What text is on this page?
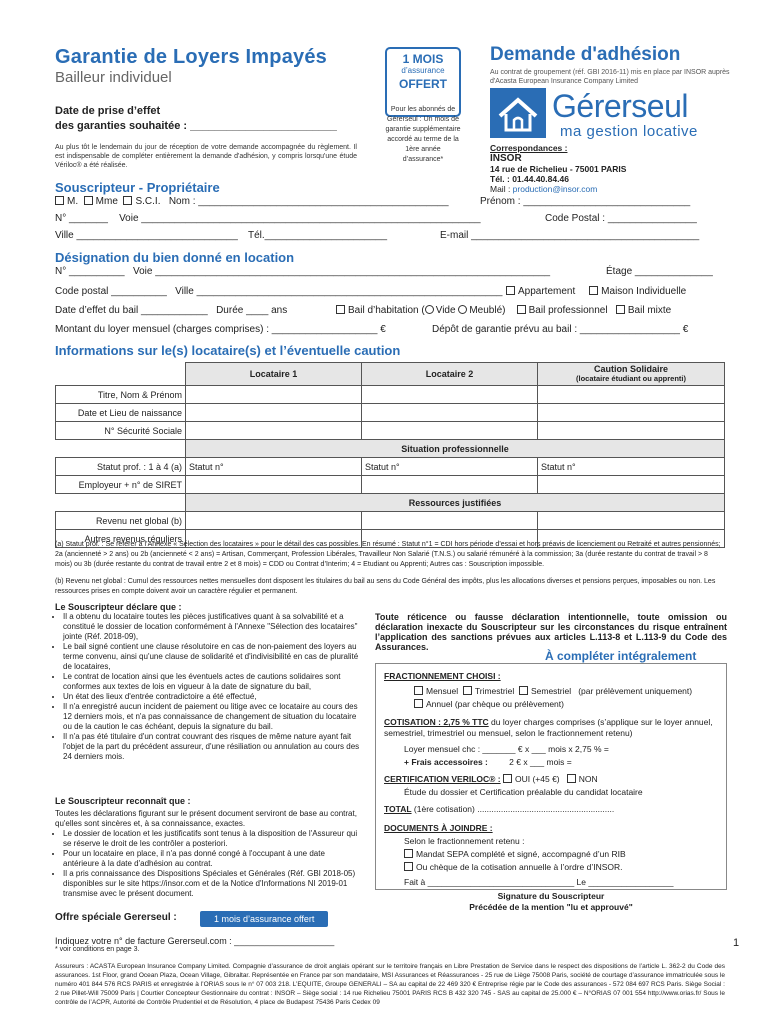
Garantie de Loyers Impayés
Bailleur individuel
Date de prise d’effet
des garanties souhaitée : ________________________
Au plus tôt le lendemain du jour de réception de votre demande accompagnée du règlement. Il est indispensable de compléter entièrement la demande d'adhésion, y compris lorsqu'une étude Vériloc® a été réalisée.
1 MOIS
d’assurance
OFFERT
Pour les abonnés de Gérerseul : Un mois de garantie supplémentaire accordé au terme de la 1ère année d’assurance*
Demande d'adhésion
Au contrat de groupement (réf. GBI 2016-11) mis en place par INSOR auprès d'Acasta European Insurance Company Limited
Gérerseul
ma gestion locative
Correspondances :
INSOR
14 rue de Richelieu - 75001 PARIS
Tél. : 01.44.40.84.46
Mail : production@insor.com
Souscripteur - Propriétaire
M. Mme S.C.I. Nom : _____________________________________________	Prénom : ______________________________
N° _______ Voie _____________________________________________________________	Code Postal : ________________
Ville _____________________________ Tél.______________________	E-mail _________________________________________
Désignation du bien donné en location
N° __________ Voie _______________________________________________________________________	Étage ______________
Code postal __________ Ville _______________________________________________________	Appartement	Maison Individuelle
Date d’effet du bail ____________ Durée ____ ans	Bail d’habitation ( Vide Meublé) Bail professionnel Bail mixte
Montant du loyer mensuel (charges comprises) : ___________________ €	Dépôt de garantie prévu au bail : __________________ €
Informations sur le(s) locataire(s) et l’éventuelle caution
	Locataire 1	Locataire 2	Caution Solidaire
(locataire étudiant ou apprenti)

Titre, Nom & Prénom			
Date et Lieu de naissance			
N° Sécurité Sociale			
	Situation professionnelle		
Statut prof. : 1 à 4 (a)	Statut n°	Statut n°	Statut n°
Employeur + n° de SIRET			
	Ressources justifiées		
Revenu net global (b)			
Autres revenus réguliers			
(a) Statut prof. : Se référer à l’Annexe « Sélection des locataires » pour le détail des cas possibles. En résumé : Statut n°1 = CDI hors période d’essai et hors préavis de licenciement ou Retraité et autres pensionnés; 2a (ancienneté > 2 ans) ou 2b (ancienneté < 2 ans) = Artisan, Commerçant, Profession Libérales, Travailleur Non Salarié (T.N.S.) ou salarié rémunéré à la commission; 3a (durée restante du contrat de travail > 8 mois) ou 3b (durée restante du contrat de travail entre 2 et 8 mois) = CDD ou Contrat d’Interim; 4 = Etudiant ou Apprenti; Autres cas : Souscription impossible.
(b) Revenu net global : Cumul des ressources nettes mensuelles dont disposent les titulaires du bail au sens du Code Général des impôts, plus les allocations diverses et pensions perçues, imposables ou non. Les ressources prises en compte doivent avoir un caractère régulier et permanent.
Le Souscripteur déclare que :
• Il a obtenu du locataire toutes les pièces justificatives quant à sa solvabilité et a constitué le dossier de location conformément à l'Annexe "Sélection des locataires" jointe (Réf. 2018-09),
• Le bail signé contient une clause résolutoire en cas de non-paiement des loyers au terme convenu, ainsi qu'une clause de solidarité et d'indivisibilité en cas de pluralité de locataires,
• Le contrat de location ainsi que les éventuels actes de cautions solidaires sont conformes aux textes de lois en vigueur à la date de signature du bail,
• Un état des lieux d'entrée contradictoire a été effectué,
• Il n'a enregistré aucun incident de paiement ou litige avec ce locataire au cours des 12 derniers mois, et n'a pas connaissance de changement de situation du locataire ou de la caution le cas échéant, depuis la signature du bail.
• Il n'a pas été titulaire d'un contrat couvrant des risques de même nature ayant fait l'objet de la part du précédent assureur, d'une résiliation ou annulation au cours des 24 derniers mois.
Le Souscripteur reconnaît que :
Toutes les déclarations figurant sur le présent document serviront de base au contrat, qu'elles sont sincères et, à sa connaissance, exactes.
• Le dossier de location et les justificatifs sont tenus à la disposition de l'Assureur qui se réserve le droit de les contrôler a posteriori.
• Pour un locataire en place, il n'a pas donné congé à l'occupant à une date antérieure à la date d'adhésion au contrat.
• Il a pris connaissance des Dispositions Spéciales et Générales (Réf. GBI 2018-05) disponibles sur le site https://insor.com et de la Notice d'Informations NI 2019-01 transmise avec le présent document.
Offre spéciale Gererseul :	1 mois d’assurance offert
Indiquez votre n° de facture Gererseul.com : ____________________
* voir conditions en page 3.
Toute réticence ou fausse déclaration intentionnelle, toute omission ou déclaration inexacte du Souscripteur sur les circonstances du risque entraînent l’application des sanctions prévues aux articles L.113-8 et L.113-9 du Code des Assurances.
À compléter intégralement
FRACTIONNEMENT CHOISI :
Mensuel Trimestriel Semestriel (par prélèvement uniquement)
Annuel (par chèque ou prélèvement)
COTISATION : 2,75 % TTC du loyer charges comprises (s’applique sur le loyer annuel, semestriel, trimestriel ou mensuel, selon le fractionnement retenu)
Loyer mensuel chc : _______ € x ___ mois x 2,75 % =
+ Frais accessoires :	2 € x ___ mois =
CERTIFICATION VERILOC® : OUI (+45 €) NON
Étude du dossier et Certification préalable du candidat locataire
TOTAL (1ère cotisation) ..........................................................
DOCUMENTS À JOINDRE :
Selon le fractionnement retenu :
Mandat SEPA complété et signé, accompagné d’un RIB
Ou chèque de la cotisation annuelle à l’ordre d’INSOR.
Fait à _______________________________ Le __________________
Signature du Souscripteur
Précédée de la mention "lu et approuvé"
1
Assureurs : ACASTA European Insurance Company Limited. Compagnie d’assurance de droit anglais opérant sur le territoire français en Libre Prestation de Service dans le respect des dispositions de l’article L. 362-2 du Code des assurances. 1st Floor, grand Ocean Plaza, Ocean Village, Gibraltar. Représentée en France par son mandataire, MSI Assurances et Réassurances - 25 rue de Liège 75008 Paris, société de courtage d’assurance immatriculée sous le numéro 401 844 576 RCS PARIS et enregistrée à l’ORIAS sous le n° 07 003 218. L’EQUITE, Groupe GENERALI – SA au capital de 22 469 320 € Entreprise régie par le Code des assurances - 572 084 697 RCS Paris. Siège Social : 2 rue Pillet-Will 75009 Paris | Courtier Concepteur Gestionnaire du contrat : INSOR – Siège social : 14 rue Richelieu 75001 PARIS RCS B 432 320 745 - SAS au capital de 25.000 € – N°ORIAS 07 001 554 http://www.orias.fr/ Sous le contrôle de l’ACPR, Autorité de Contrôle Prudentiel et de Résolution, 4 place de Budapest 75436 Paris Cedex 09
